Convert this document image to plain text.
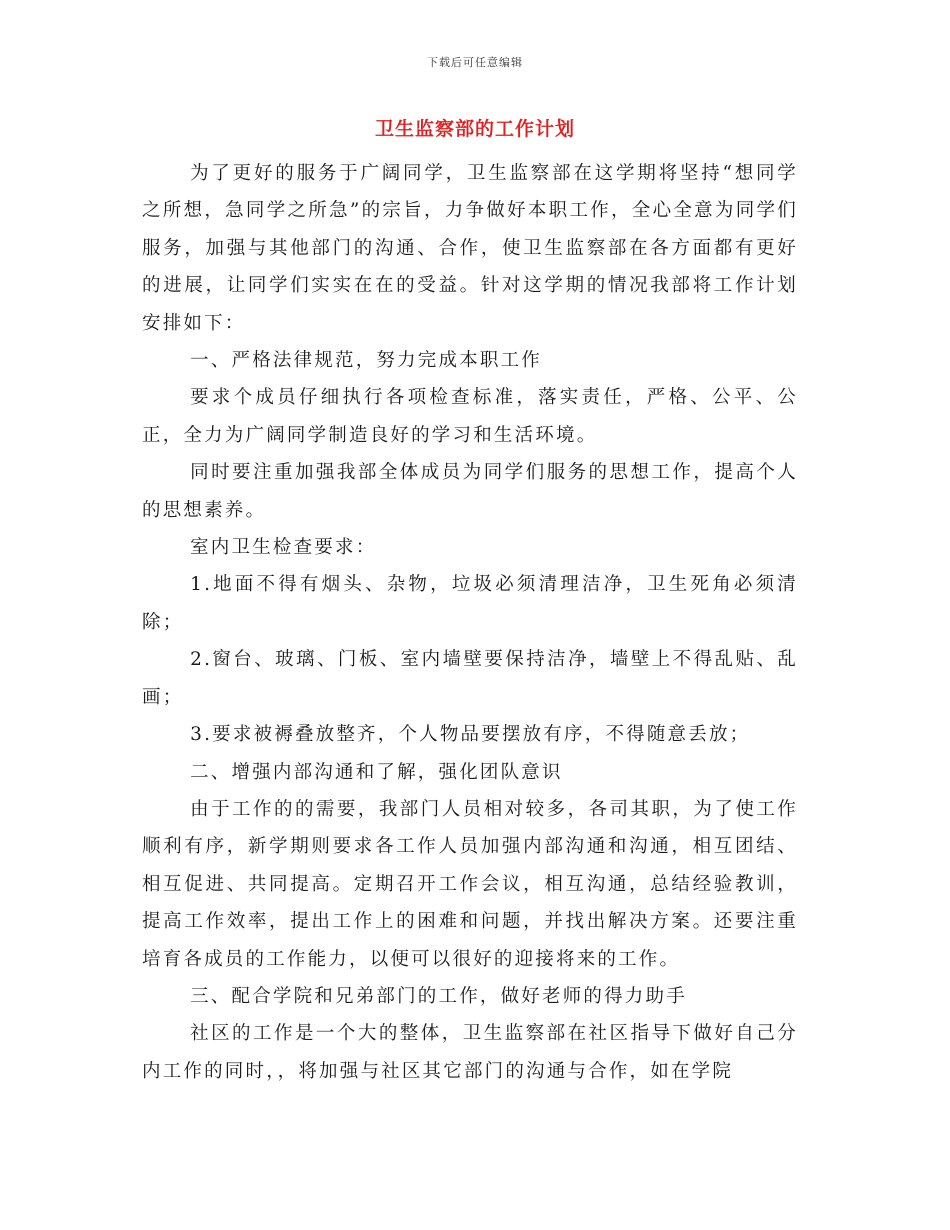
下载后可任意编辑
卫生监察部的工作计划

为了更好的服务于广阔同学，卫生监察部在这学期将坚持“想同学之所想，急同学之所急”的宗旨，力争做好本职工作，全心全意为同学们服务，加强与其他部门的沟通、合作，使卫生监察部在各方面都有更好的进展，让同学们实实在在的受益。针对这学期的情况我部将工作计划安排如下：

一、严格法律规范，努力完成本职工作

要求个成员仔细执行各项检查标准，落实责任，严格、公平、公正，全力为广阔同学制造良好的学习和生活环境。

同时要注重加强我部全体成员为同学们服务的思想工作，提高个人的思想素养。

室内卫生检查要求：

1.地面不得有烟头、杂物，垃圾必须清理洁净，卫生死角必须清除；

2.窗台、玻璃、门板、室内墙壁要保持洁净，墙壁上不得乱贴、乱画；

3.要求被褥叠放整齐，个人物品要摆放有序，不得随意丢放；

二、增强内部沟通和了解，强化团队意识

由于工作的的需要，我部门人员相对较多，各司其职，为了使工作顺利有序，新学期则要求各工作人员加强内部沟通和沟通，相互团结、相互促进、共同提高。定期召开工作会议，相互沟通，总结经验教训，提高工作效率，提出工作上的困难和问题，并找出解决方案。还要注重培育各成员的工作能力，以便可以很好的迎接将来的工作。

三、配合学院和兄弟部门的工作，做好老师的得力助手

社区的工作是一个大的整体，卫生监察部在社区指导下做好自己分内工作的同时，，将加强与社区其它部门的沟通与合作，如在学院
